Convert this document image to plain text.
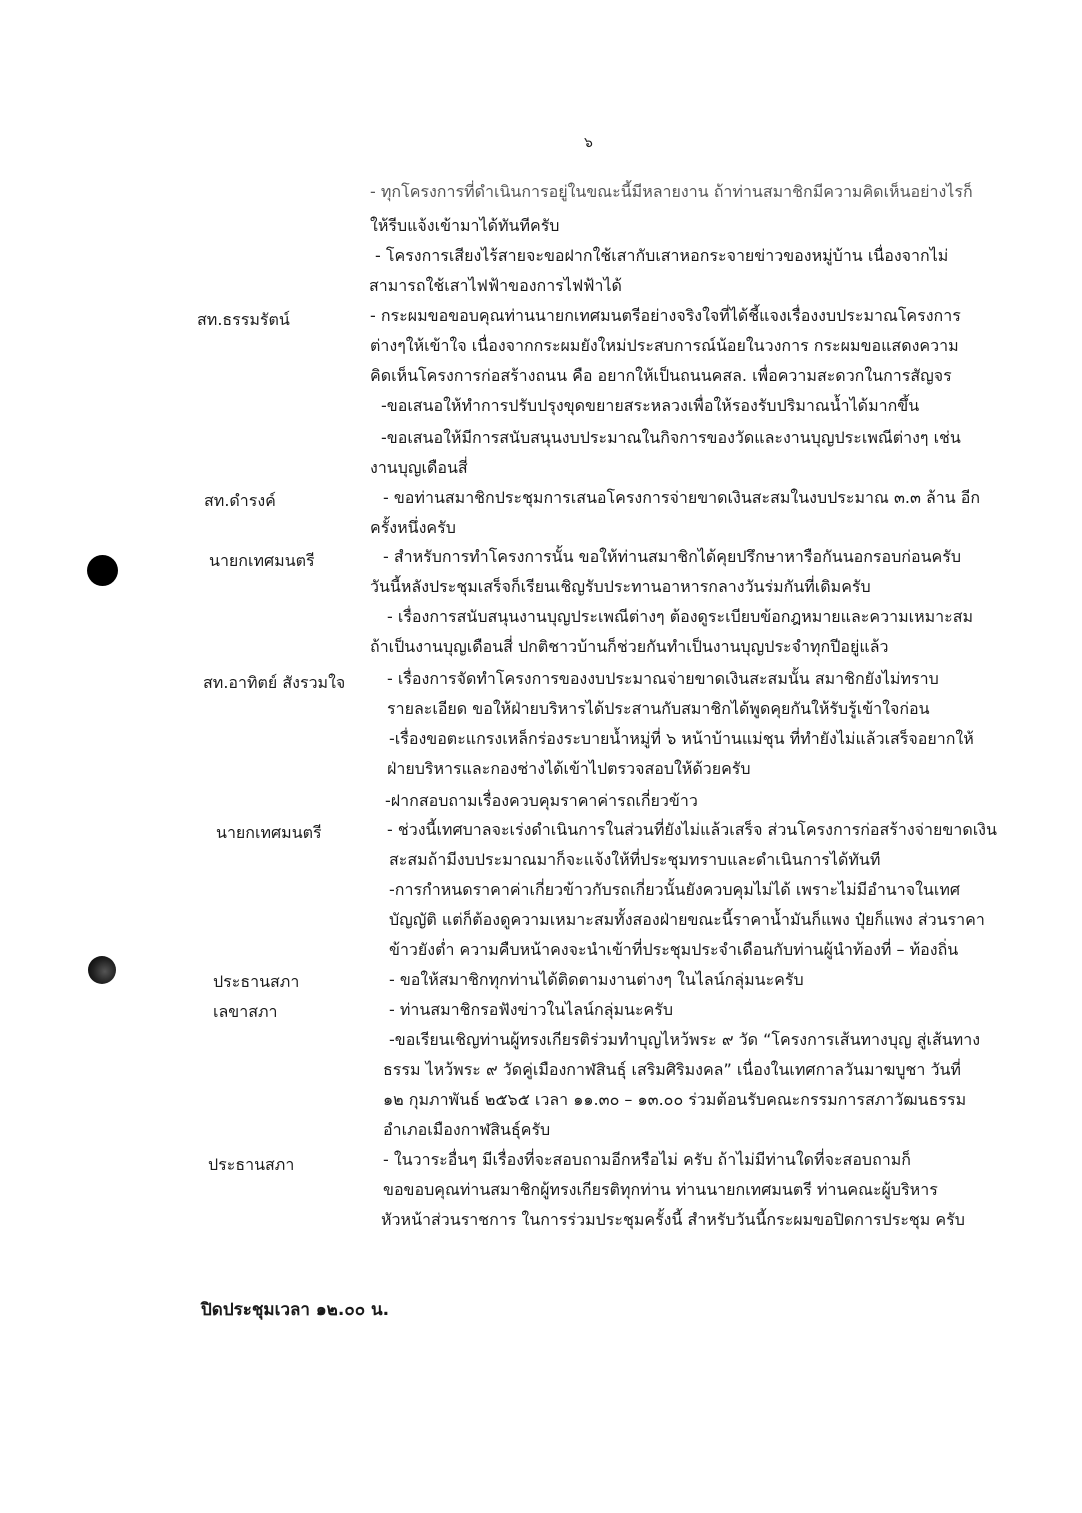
๖
สท.ธรรมรัตน์
สท.ดำรงค์
นายกเทศมนตรี
สท.อาทิตย์ สังรวมใจ
นายกเทศมนตรี
ประธานสภา
เลขาสภา
ประธานสภา
- ทุกโครงการที่ดำเนินการอยู่ในขณะนี้มีหลายงาน ถ้าท่านสมาชิกมีความคิดเห็นอย่างไรก็
ให้รีบแจ้งเข้ามาได้ทันทีครับ
- โครงการเสียงไร้สายจะขอฝากใช้เสากับเสาหอกระจายข่าวของหมู่บ้าน เนื่องจากไม่
สามารถใช้เสาไฟฟ้าของการไฟฟ้าได้
- กระผมขอขอบคุณท่านนายกเทศมนตรีอย่างจริงใจที่ได้ชี้แจงเรื่องงบประมาณโครงการ
ต่างๆให้เข้าใจ เนื่องจากกระผมยังใหม่ประสบการณ์น้อยในวงการ กระผมขอแสดงความ
คิดเห็นโครงการก่อสร้างถนน คือ อยากให้เป็นถนนคสล. เพื่อความสะดวกในการสัญจร
-ขอเสนอให้ทำการปรับปรุงขุดขยายสระหลวงเพื่อให้รองรับปริมาณน้ำได้มากขึ้น
-ขอเสนอให้มีการสนับสนุนงบประมาณในกิจการของวัดและงานบุญประเพณีต่างๆ เช่น
งานบุญเดือนสี่
- ขอท่านสมาชิกประชุมการเสนอโครงการจ่ายขาดเงินสะสมในงบประมาณ ๓.๓ ล้าน อีก
ครั้งหนึ่งครับ
- สำหรับการทำโครงการนั้น ขอให้ท่านสมาชิกได้คุยปรึกษาหารือกันนอกรอบก่อนครับ
วันนี้หลังประชุมเสร็จก็เรียนเชิญรับประทานอาหารกลางวันร่มกันที่เดิมครับ
- เรื่องการสนับสนุนงานบุญประเพณีต่างๆ ต้องดูระเบียบข้อกฎหมายและความเหมาะสม
ถ้าเป็นงานบุญเดือนสี่ ปกติชาวบ้านก็ช่วยกันทำเป็นงานบุญประจำทุกปีอยู่แล้ว
- เรื่องการจัดทำโครงการของงบประมาณจ่ายขาดเงินสะสมนั้น สมาชิกยังไม่ทราบ
รายละเอียด ขอให้ฝ่ายบริหารได้ประสานกับสมาชิกได้พูดคุยกันให้รับรู้เข้าใจก่อน
-เรื่องขอตะแกรงเหล็กร่องระบายน้ำหมู่ที่ ๖ หน้าบ้านแม่ชุน ที่ทำยังไม่แล้วเสร็จอยากให้
ฝ่ายบริหารและกองช่างได้เข้าไปตรวจสอบให้ด้วยครับ
-ฝากสอบถามเรื่องควบคุมราคาค่ารถเกี่ยวข้าว
- ช่วงนี้เทศบาลจะเร่งดำเนินการในส่วนที่ยังไม่แล้วเสร็จ ส่วนโครงการก่อสร้างจ่ายขาดเงิน
สะสมถ้ามีงบประมาณมาก็จะแจ้งให้ที่ประชุมทราบและดำเนินการได้ทันที
-การกำหนดราคาค่าเกี่ยวข้าวกับรถเกี่ยวนั้นยังควบคุมไม่ได้ เพราะไม่มีอำนาจในเทศ
บัญญัติ แต่ก็ต้องดูความเหมาะสมทั้งสองฝ่ายขณะนี้ราคาน้ำมันก็แพง ปุ๋ยก็แพง ส่วนราคา
ข้าวยังต่ำ ความคืบหน้าคงจะนำเข้าที่ประชุมประจำเดือนกับท่านผู้นำท้องที่ – ท้องถิ่น
- ขอให้สมาชิกทุกท่านได้ติดตามงานต่างๆ ในไลน์กลุ่มนะครับ
- ท่านสมาชิกรอฟังข่าวในไลน์กลุ่มนะครับ
-ขอเรียนเชิญท่านผู้ทรงเกียรติร่วมทำบุญไหว้พระ ๙ วัด “โครงการเส้นทางบุญ สู่เส้นทาง
ธรรม ไหว้พระ ๙ วัดคู่เมืองกาฬสินธุ์ เสริมศิริมงคล” เนื่องในเทศกาลวันมาฆบูชา วันที่
๑๒ กุมภาพันธ์ ๒๕๖๕ เวลา ๑๑.๓๐ – ๑๓.๐๐ ร่วมต้อนรับคณะกรรมการสภาวัฒนธรรม
อำเภอเมืองกาฬสินธุ์ครับ
- ในวาระอื่นๆ มีเรื่องที่จะสอบถามอีกหรือไม่ ครับ ถ้าไม่มีท่านใดที่จะสอบถามก็
ขอขอบคุณท่านสมาชิกผู้ทรงเกียรติทุกท่าน ท่านนายกเทศมนตรี ท่านคณะผู้บริหาร
หัวหน้าส่วนราชการ ในการร่วมประชุมครั้งนี้ สำหรับวันนี้กระผมขอปิดการประชุม ครับ
ปิดประชุมเวลา ๑๒.๐๐ น.
